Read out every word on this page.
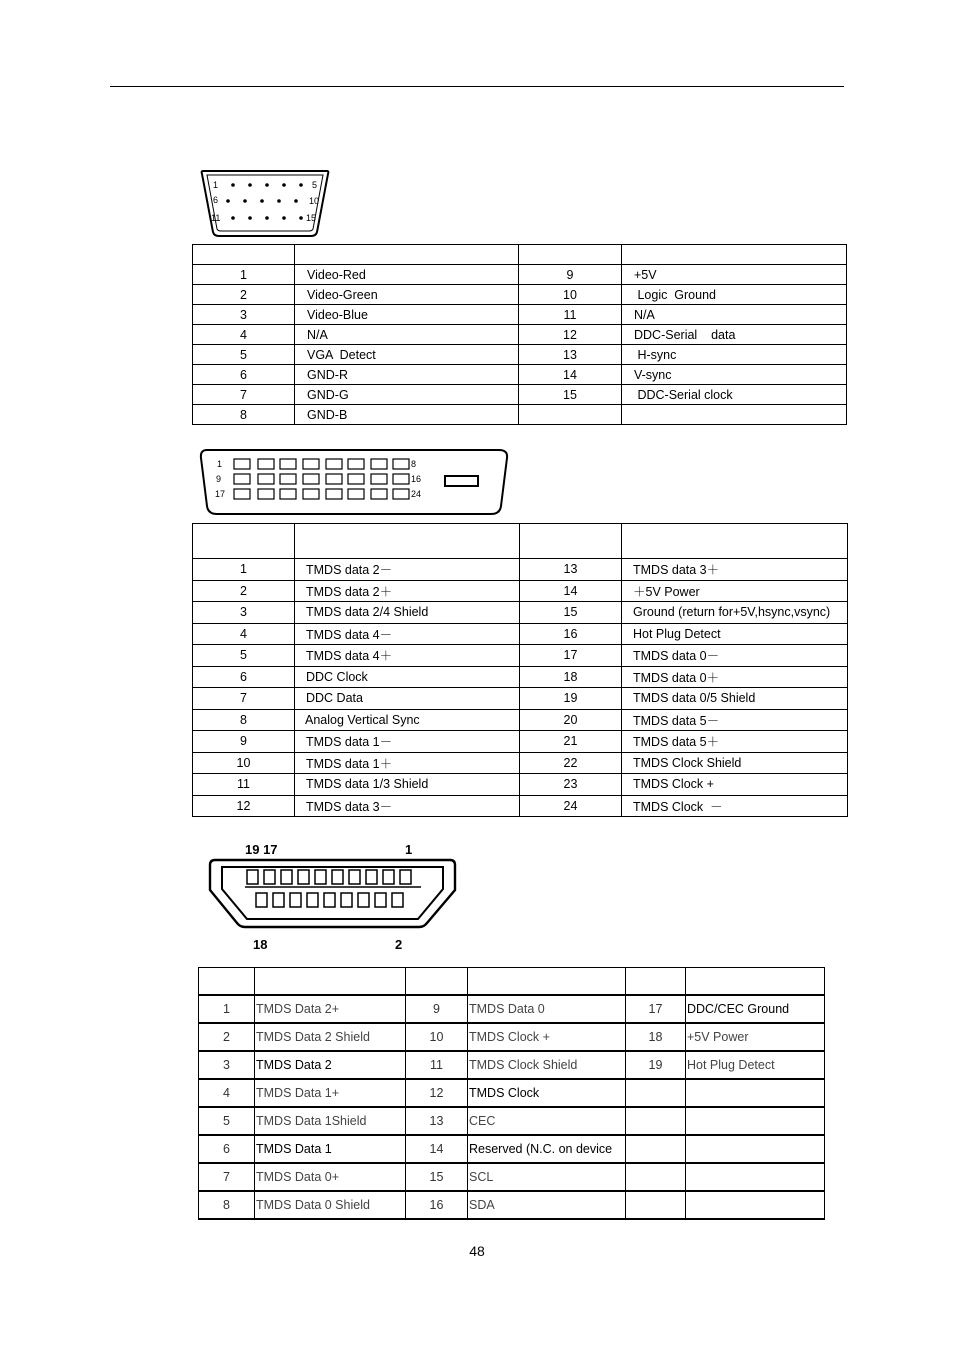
1	5
6	10
11	15

1	Video-Red	9	+5V
2	Video-Green	10	Logic  Ground
3	Video-Blue	11	N/A
4	N/A	12	DDC-Serial    data
5	VGA  Detect	13	H-sync
6	GND-R	14	V-sync
7	GND-G	15	DDC-Serial clock
8	GND-B		
1
9
17
8
16
24

1	TMDS data 2－	13	TMDS data 3＋
2	TMDS data 2＋	14	＋5V Power
3	TMDS data 2/4 Shield	15	Ground (return for+5V,hsync,vsync)
4	TMDS data 4－	16	Hot Plug Detect
5	TMDS data 4＋	17	TMDS data 0－
6	DDC Clock	18	TMDS data 0＋
7	DDC Data	19	TMDS data 0/5 Shield
8	Analog Vertical Sync	20	TMDS data 5－
9	TMDS data 1－	21	TMDS data 5＋
10	TMDS data 1＋	22	TMDS Clock Shield
11	TMDS data 1/3 Shield	23	TMDS Clock +
12	TMDS data 3－	24	TMDS Clock  －
19 17	1
18	2

1	TMDS Data 2+	9	TMDS Data 0	17	DDC/CEC Ground
2	TMDS Data 2 Shield	10	TMDS Clock +	18	+5V Power
3	TMDS Data 2	11	TMDS Clock Shield	19	Hot Plug Detect
4	TMDS Data 1+	12	TMDS Clock		
5	TMDS Data 1Shield	13	CEC		
6	TMDS Data 1	14	Reserved (N.C. on device		
7	TMDS Data 0+	15	SCL		
8	TMDS Data 0 Shield	16	SDA		
48
